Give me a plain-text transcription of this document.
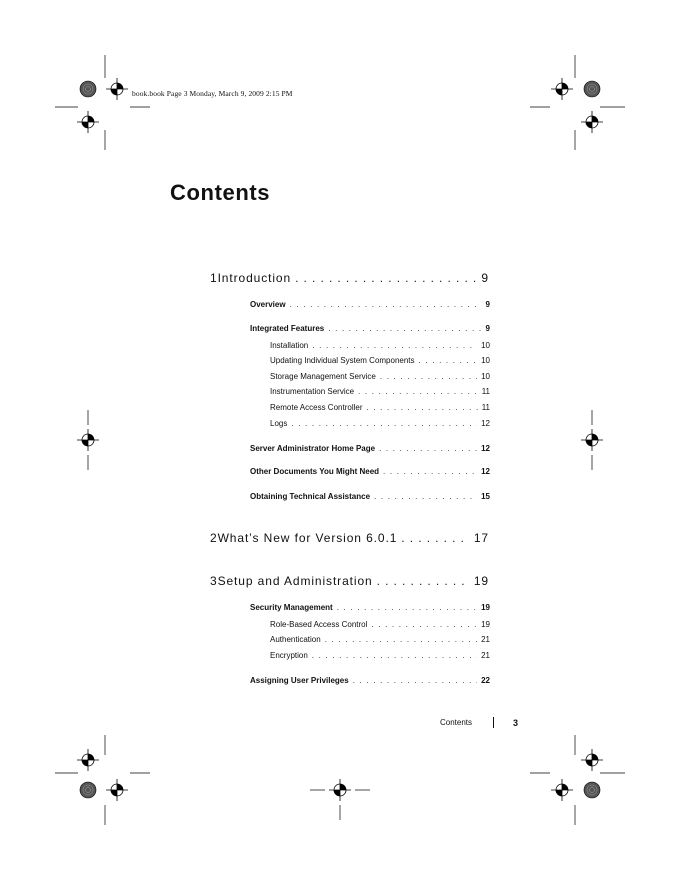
book.book Page 3 Monday, March 9, 2009 2:15 PM
Contents
1 Introduction . . .	9
Overview . . .	9
Integrated Features . . .	9
Installation . . .	10
Updating Individual System Components . . .	10
Storage Management Service . . .	10
Instrumentation Service . . .	11
Remote Access Controller . . .	11
Logs . . .	12
Server Administrator Home Page . . .	12
Other Documents You Might Need . . .	12
Obtaining Technical Assistance . . .	15
2 What’s New for Version 6.0.1 . . .	17
3 Setup and Administration . . .	19
Security Management . . .	19
Role-Based Access Control . . .	19
Authentication . . .	21
Encryption . . .	21
Assigning User Privileges . . .	22
Contents	3
